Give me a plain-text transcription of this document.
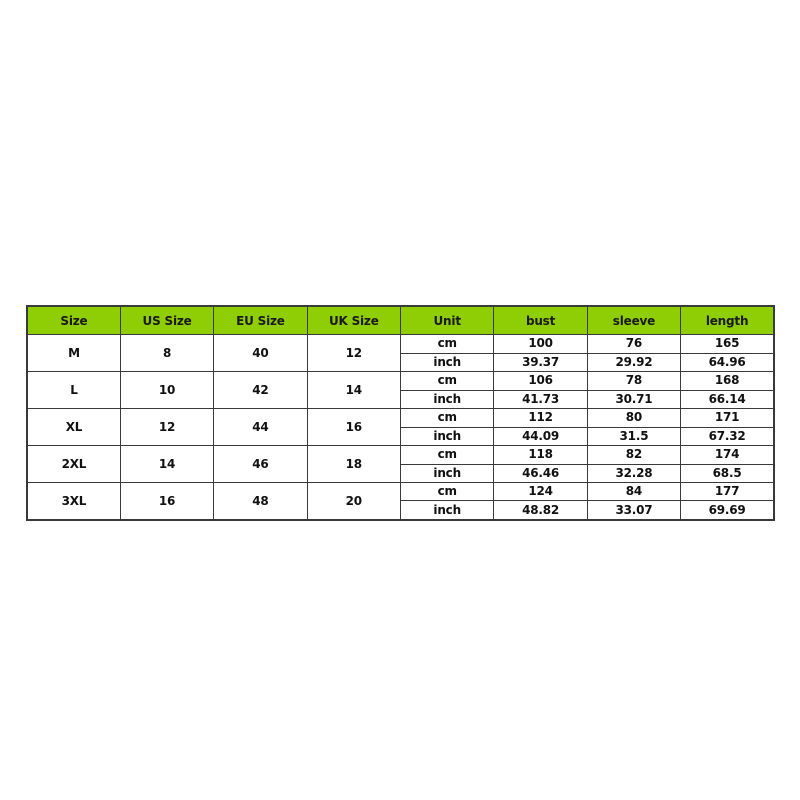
Size	US Size	EU Size	UK Size	Unit	bust	sleeve	length
M	8	40	12	cm	100	76	165
				inch	39.37	29.92	64.96
L	10	42	14	cm	106	78	168
				inch	41.73	30.71	66.14
XL	12	44	16	cm	112	80	171
				inch	44.09	31.5	67.32
2XL	14	46	18	cm	118	82	174
				inch	46.46	32.28	68.5
3XL	16	48	20	cm	124	84	177
				inch	48.82	33.07	69.69
